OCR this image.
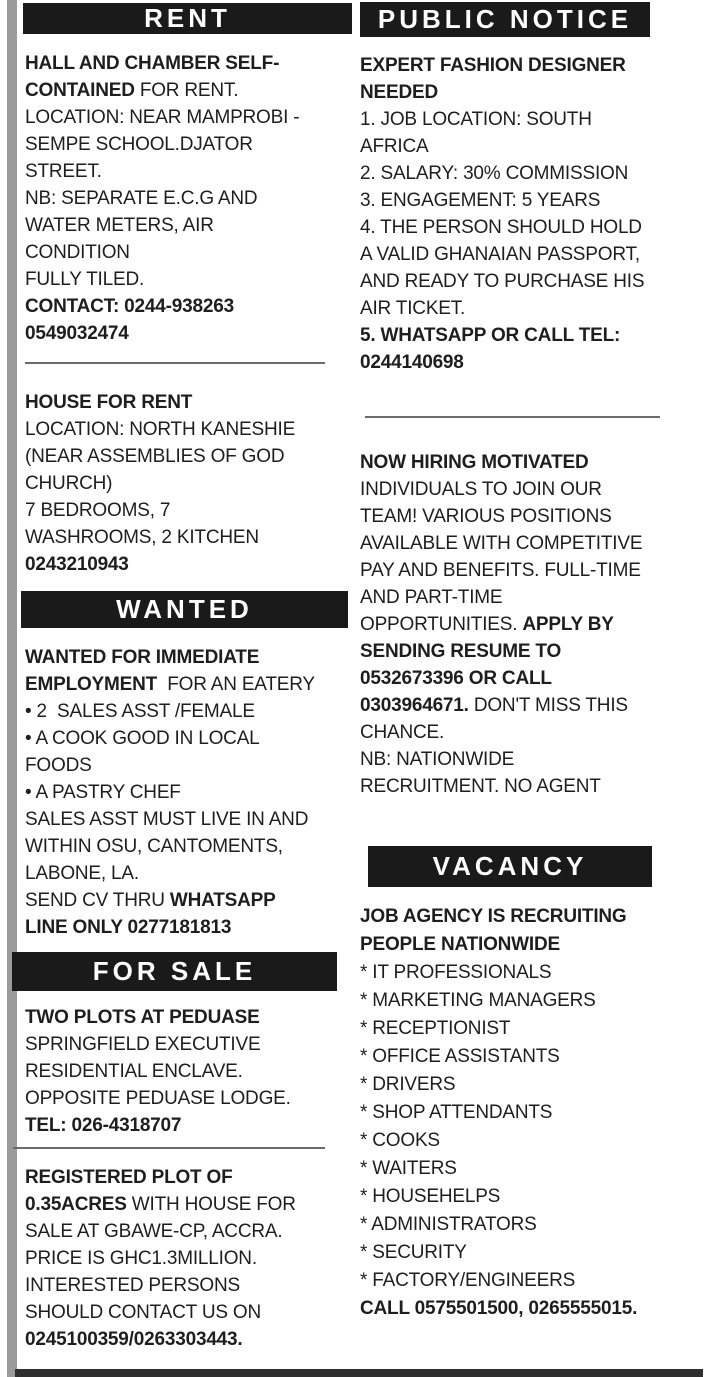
RENT
HALL AND CHAMBER SELF-
CONTAINED FOR RENT.
LOCATION: NEAR MAMPROBI -
SEMPE SCHOOL.DJATOR
STREET.
NB: SEPARATE E.C.G AND
WATER METERS, AIR
CONDITION
FULLY TILED.
CONTACT: 0244-938263
0549032474
HOUSE FOR RENT
LOCATION: NORTH KANESHIE
(NEAR ASSEMBLIES OF GOD
CHURCH)
7 BEDROOMS, 7
WASHROOMS, 2 KITCHEN
0243210943
WANTED
WANTED FOR IMMEDIATE
EMPLOYMENT  FOR AN EATERY
• 2  SALES ASST /FEMALE
• A COOK GOOD IN LOCAL
FOODS
• A PASTRY CHEF
SALES ASST MUST LIVE IN AND
WITHIN OSU, CANTOMENTS,
LABONE, LA.
SEND CV THRU WHATSAPP
LINE ONLY 0277181813
FOR SALE
TWO PLOTS AT PEDUASE
SPRINGFIELD EXECUTIVE
RESIDENTIAL ENCLAVE.
OPPOSITE PEDUASE LODGE.
TEL: 026-4318707
REGISTERED PLOT OF
0.35ACRES WITH HOUSE FOR
SALE AT GBAWE-CP, ACCRA.
PRICE IS GHC1.3MILLION.
INTERESTED PERSONS
SHOULD CONTACT US ON
0245100359/0263303443.
PUBLIC NOTICE
EXPERT FASHION DESIGNER
NEEDED
1. JOB LOCATION: SOUTH
AFRICA
2. SALARY: 30% COMMISSION
3. ENGAGEMENT: 5 YEARS
4. THE PERSON SHOULD HOLD
A VALID GHANAIAN PASSPORT,
AND READY TO PURCHASE HIS
AIR TICKET.
5. WHATSAPP OR CALL TEL:
0244140698
NOW HIRING MOTIVATED
INDIVIDUALS TO JOIN OUR
TEAM! VARIOUS POSITIONS
AVAILABLE WITH COMPETITIVE
PAY AND BENEFITS. FULL-TIME
AND PART-TIME
OPPORTUNITIES. APPLY BY
SENDING RESUME TO
0532673396 OR CALL
0303964671. DON'T MISS THIS
CHANCE.
NB: NATIONWIDE
RECRUITMENT. NO AGENT
VACANCY
JOB AGENCY IS RECRUITING
PEOPLE NATIONWIDE
* IT PROFESSIONALS
* MARKETING MANAGERS
* RECEPTIONIST
* OFFICE ASSISTANTS
* DRIVERS
* SHOP ATTENDANTS
* COOKS
* WAITERS
* HOUSEHELPS
* ADMINISTRATORS
* SECURITY
* FACTORY/ENGINEERS
CALL 0575501500, 0265555015.
